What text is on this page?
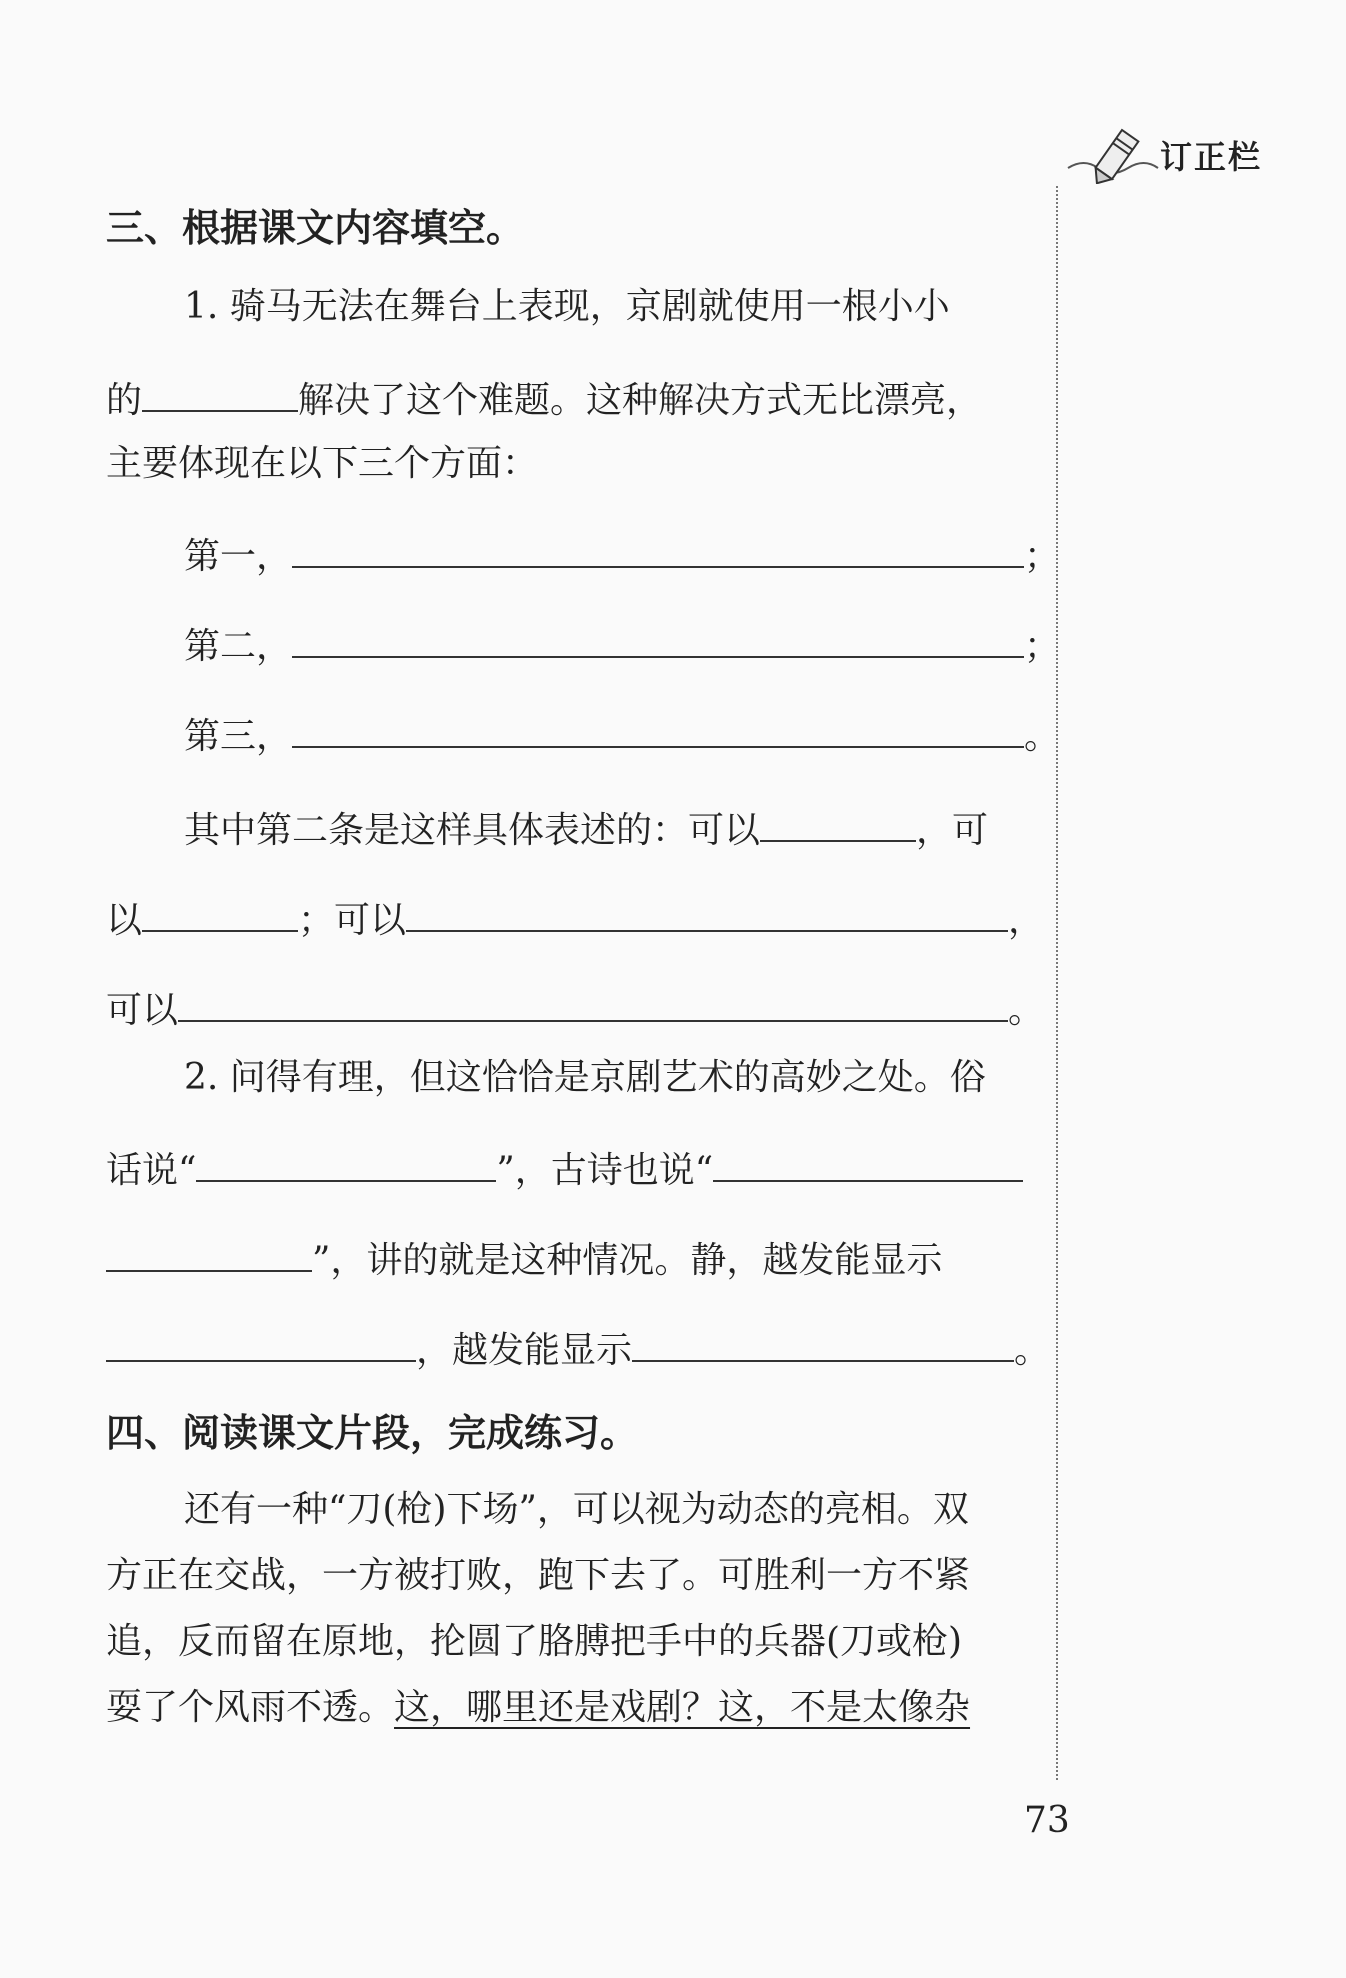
订正栏
三、根据课文内容填空。
1. 骑马无法在舞台上表现，京剧就使用一根小小
的	解决了这个难题。这种解决方式无比漂亮，
主要体现在以下三个方面：
第一，	；
第二，	；
第三，	。
其中第二条是这样具体表述的：可以	，可
以	；可以	，
可以	。
2. 问得有理，但这恰恰是京剧艺术的高妙之处。俗
话说“	”，古诗也说“
”，讲的就是这种情况。静，越发能显示
，越发能显示	。
四、阅读课文片段，完成练习。
还有一种“刀(枪)下场”，可以视为动态的亮相。双
方正在交战，一方被打败，跑下去了。可胜利一方不紧
追，反而留在原地，抡圆了胳膊把手中的兵器(刀或枪)
耍了个风雨不透。这，哪里还是戏剧？这，不是太像杂
73
